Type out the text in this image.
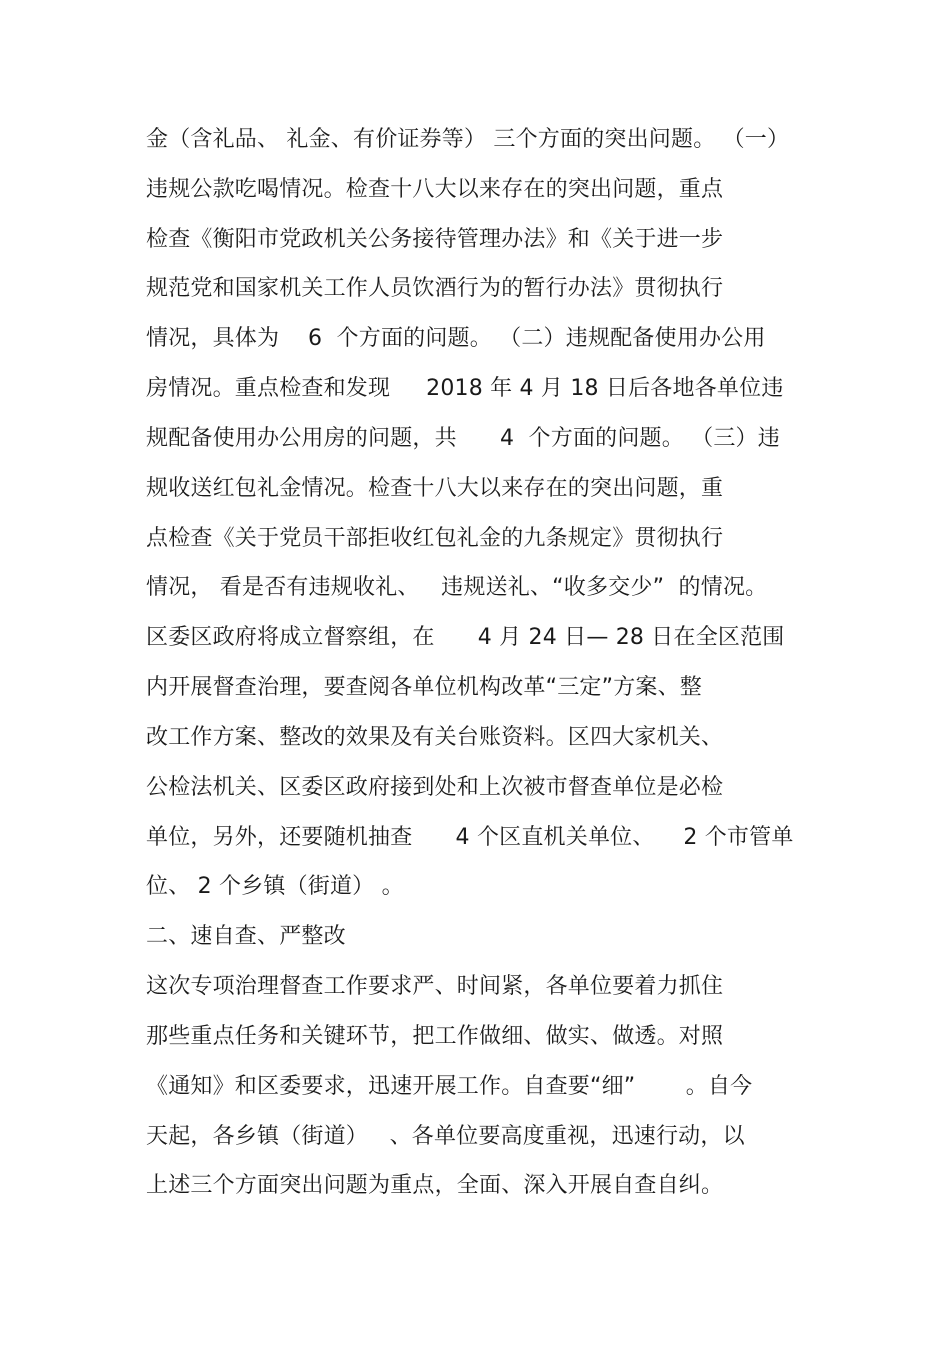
金（含礼品、 礼金、有价证券等） 三个方面的突出问题。 （一）

违规公款吃喝情况。检查十八大以来存在的突出问题，重点

检查《衡阳市党政机关公务接待管理办法》和《关于进一步

规范党和国家机关工作人员饮酒行为的暂行办法》贯彻执行

情况，具体为    6  个方面的问题。 （二）违规配备使用办公用

房情况。重点检查和发现     2018 年 4 月 18 日后各地各单位违

规配备使用办公用房的问题，共      4  个方面的问题。 （三）违

规收送红包礼金情况。检查十八大以来存在的突出问题，重

点检查《关于党员干部拒收红包礼金的九条规定》贯彻执行

情况， 看是否有违规收礼、   违规送礼、“收多交少”  的情况。

区委区政府将成立督察组，在      4 月 24 日— 28 日在全区范围

内开展督查治理，要查阅各单位机构改革“三定”方案、整

改工作方案、整改的效果及有关台账资料。区四大家机关、

公检法机关、区委区政府接到处和上次被市督查单位是必检

单位，另外，还要随机抽查      4 个区直机关单位、    2 个市管单

位、 2 个乡镇（街道） 。

二、速自查、严整改

这次专项治理督查工作要求严、时间紧，各单位要着力抓住

那些重点任务和关键环节，把工作做细、做实、做透。对照

《通知》和区委要求，迅速开展工作。自查要“细”       。自今

天起，各乡镇（街道）   、各单位要高度重视，迅速行动，以

上述三个方面突出问题为重点，全面、深入开展自查自纠。
